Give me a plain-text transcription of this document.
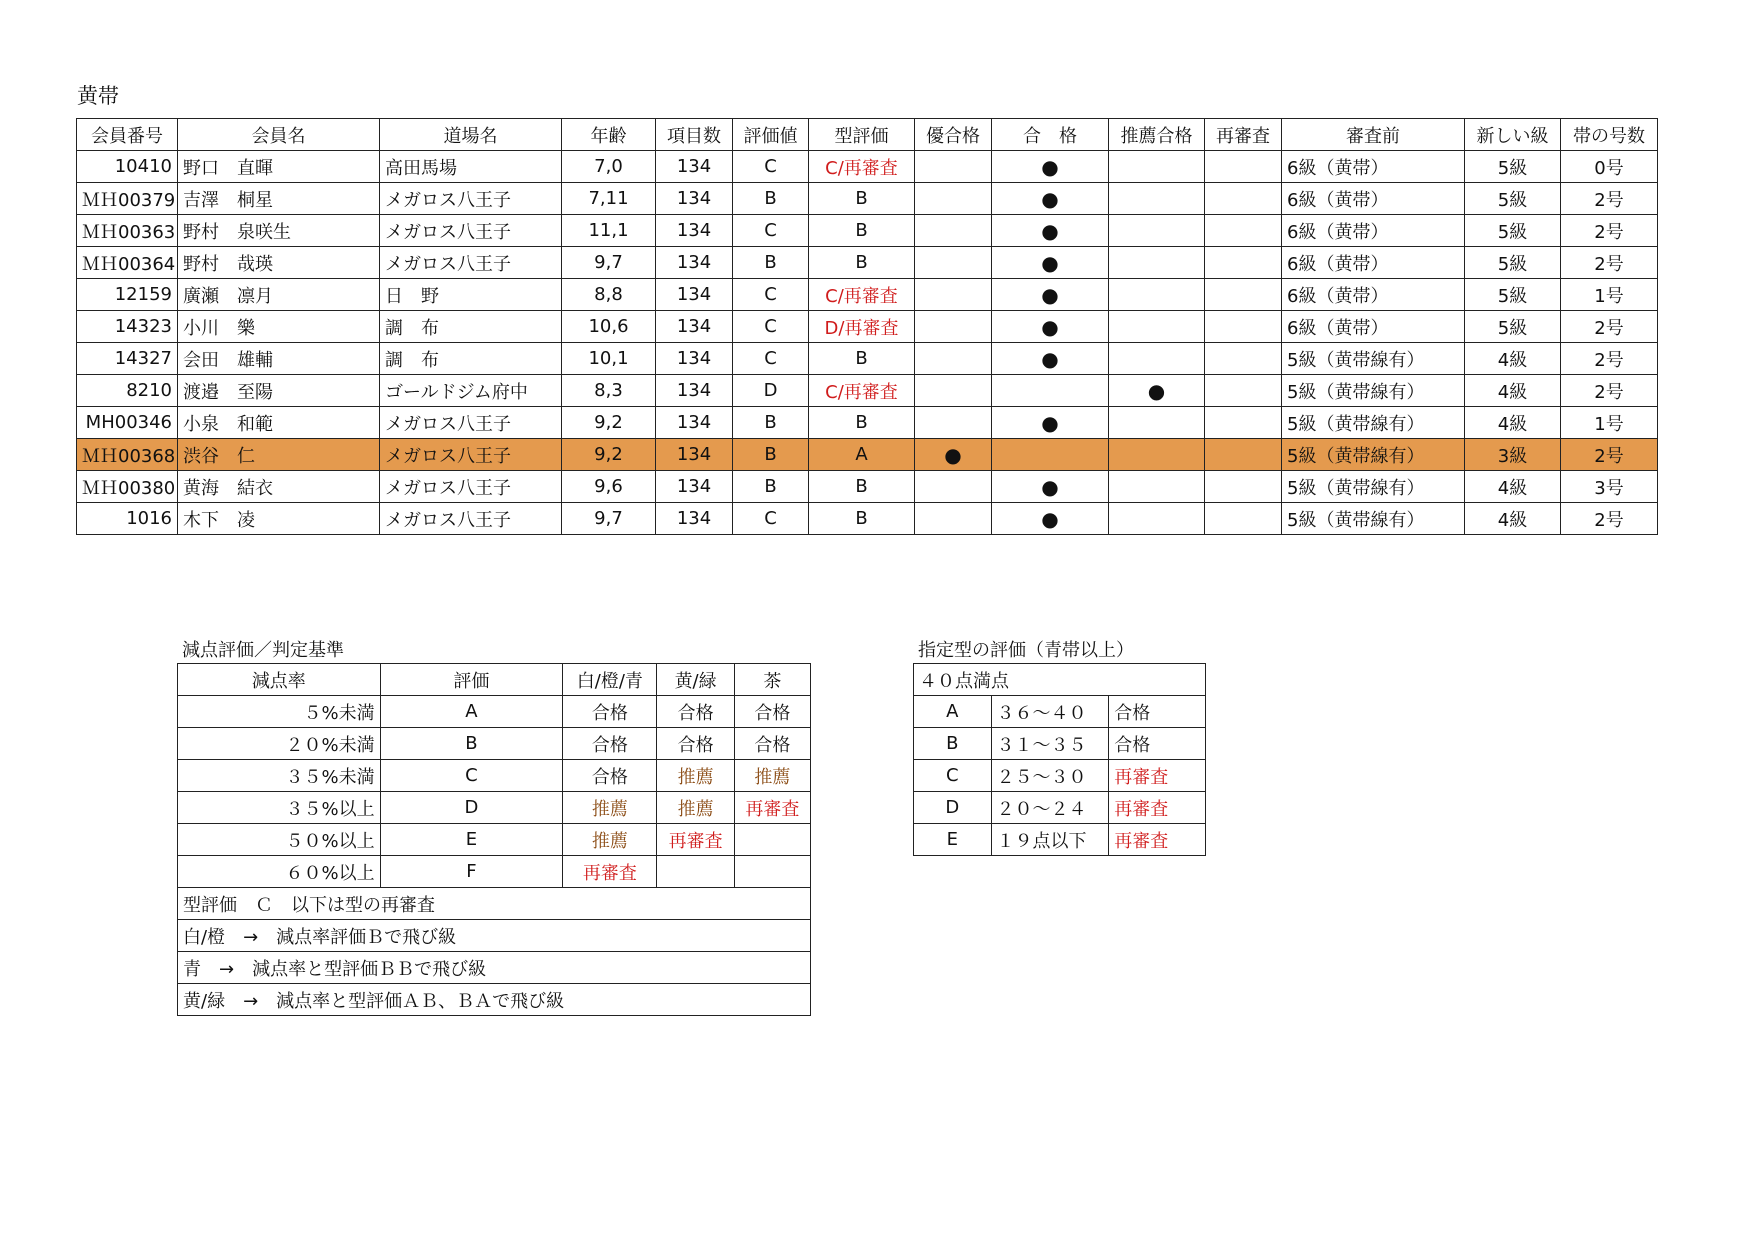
黄帯
会員番号	会員名	道場名	年齢	項目数	評価値	型評価	優合格	合　格	推薦合格	再審査	審査前	新しい級	帯の号数
10410	野口　直暉	高田馬場	7,0	134	C	C/再審査		●			6級（黄帯）	5級	0号
ＭＨ00379	吉澤　桐星	メガロス八王子	7,11	134	B	B		●			6級（黄帯）	5級	2号
ＭＨ00363	野村　泉咲生	メガロス八王子	11,1	134	C	B		●			6級（黄帯）	5級	2号
ＭＨ00364	野村　哉瑛	メガロス八王子	9,7	134	B	B		●			6級（黄帯）	5級	2号
12159	廣瀬　凛月	日　野	8,8	134	C	C/再審査		●			6級（黄帯）	5級	1号
14323	小川　樂	調　布	10,6	134	C	D/再審査		●			6級（黄帯）	5級	2号
14327	会田　雄輔	調　布	10,1	134	C	B		●			5級（黄帯線有）	4級	2号
8210	渡邉　至陽	ゴールドジム府中	8,3	134	D	C/再審査			●		5級（黄帯線有）	4級	2号
MH00346	小泉　和範	メガロス八王子	9,2	134	B	B		●			5級（黄帯線有）	4級	1号
ＭＨ00368	渋谷　仁	メガロス八王子	9,2	134	B	A	●				5級（黄帯線有）	3級	2号
ＭＨ00380	黄海　結衣	メガロス八王子	9,6	134	B	B		●			5級（黄帯線有）	4級	3号
1016	木下　凌	メガロス八王子	9,7	134	C	B		●			5級（黄帯線有）	4級	2号
減点評価／判定基準
減点率	評価	白/橙/青	黄/緑	茶
５%未満	A	合格	合格	合格
２０%未満	B	合格	合格	合格
３５%未満	C	合格	推薦	推薦
３５%以上	D	推薦	推薦	再審査
５０%以上	E	推薦	再審査	
６０%以上	F	再審査		
型評価　Ｃ　以下は型の再審査				
白/橙　→　減点率評価Ｂで飛び級				
青　→　減点率と型評価ＢＢで飛び級				
黄/緑　→　減点率と型評価ＡＢ、ＢＡで飛び級				
指定型の評価（青帯以上）
４０点満点		
A	３６～４０	合格
B	３１～３５	合格
C	２５～３０	再審査
D	２０～２４	再審査
E	１９点以下	再審査
